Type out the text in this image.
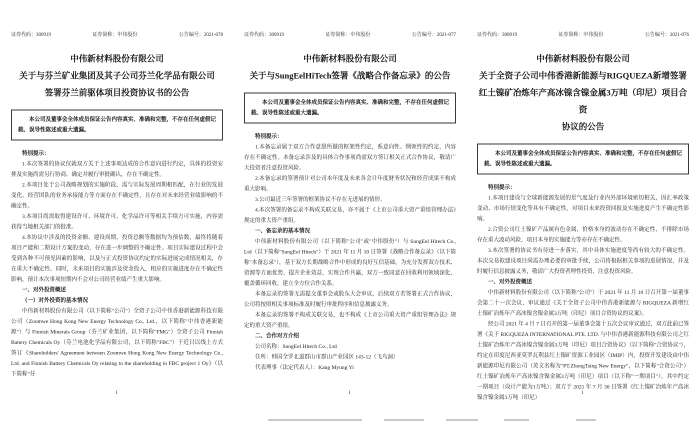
证券代码：300919	证券简称：中伟股份	公告编号：2021-078
中伟新材料股份有限公司
关于与芬兰矿业集团及其子公司芬兰化学品有限公司
签署芬兰前驱体项目投资协议书的公告
本公司及董事会全体成员保证公告内容真实、准确和完整，不存在任何虚假记载、误导性陈述或重大遗漏。

特别提示：

1.本次签署的协议仅就双方关于上述事项达成的合作意向进行约定，具体的投资安排及实施尚需另行协商、确定并履行审批确认，存在不确定性。

2.本项目处于公司战略规划的实施阶段，需与实际发展周期相匹配，在行业的发展变化、经营团队的业务承接能力等方面存在不确定性，且存在对未来经营业绩影响的不确定性。

3.本项目尚需取得建设许可、环境许可、化学品许可等相关手续方可实施，内容需获得当地相关部门的批准。

4.本协议中涉及的投资金额、建设周期、投资总额等数据均为预估数，最终将随着项目产能和二期设计方案的变动，存在进一步调整的不确定性。项目实际建设过程中会受到各种不可预见因素的影响，以及与正式投资协议约定的实际进展完成情况相关，存在重大不确定性。同时，未来项目的实施涉及资金投入，相应的实施进度存在不确定性影响，预计本次事项短期内不会对公司经营业绩产生重大影响。

一、对外投资概述

（一）对外投资的基本情况

中伟新材料股份有限公司（以下简称"公司"）全资子公司中伟香港新能源科技有限公司（Zoomwe Hong Kong New Energy Technology Co., Ltd.，以下简称"中伟香港新能源"）与 Finnish Minerals Group（芬兰矿业集团，以下简称"FMG"）全资子公司 Finnish Battery Chemicals Oy（芬兰电池化学品有限公司，以下简称"FBC"）于近日以线上方式签订《Shareholders' Agreement between Zoomwe Hong Kong New Energy Technology Co., Ltd. and Finnish Battery Chemicals Oy relating to the shareholding in FBC project 1 Oy》（以下简称"芬

1
证券代码：300919	证券简称：中伟股份	公告编号：2021-077
中伟新材料股份有限公司
关于与SungEelHiTech签署《战略合作备忘录》的公告
本公司及董事会全体成员保证公告内容真实、准确和完整，不存在任何虚假记载、误导性陈述或重大遗漏。

特别提示：

1.本备忘录属于双方合作意愿所做的框架性约定，系意向性、纲领性的约定，内容存在不确定性。本备忘录涉及的具体合作事项尚需双方签订相关正式合作协议，敬请广大投资者注意投资风险。

2.本备忘录的签署预计对公司本年度及未来各会计年度财务状况和经营成果不构成重大影响。

3.公司最近三年签署的框架协议不存在无进展的情形。

4.本次签署的备忘录不构成关联交易，亦不属于《上市公司重大资产重组管理办法》规定的重大资产重组。

一、备忘录的基本情况

中伟新材料股份有限公司（以下简称"公司"或"中伟股份"）与 SungEel Hitech Co., Ltd（以下简称"SungEel Hitech"）于 2021 年 11 月 10 日签署《战略合作备忘录》（以下简称"本备忘录"），基于双方长期战略合作中形成的良好互信基础，为充分发挥双方技术、资源等方面优势，提升企业效益，实现合作共赢，双方一致同意在回收利用领域深化、覆盖循环回收，建立全方位合作关系。

本备忘录的签署无需提交董事会或股东大会审议，后续双方若签署正式合作协议，公司将按照相关事项标准及时履行审批程序和信息披露义务。

本备忘录的签署不构成关联交易，也不构成《上市公司重大资产重组管理办法》规定的重大资产重组。

二、合作对方介绍

公司名称：SungEel Hitech Co., Ltd

住所：韩国全罗北道群山市群山产业园区 143-12（飞鸟洞）

代表理事（法定代表人）：Kang Myung Yi

1
证券代码：300919	证券简称：中伟股份	公告编号：2021-076
中伟新材料股份有限公司
关于全资子公司中伟香港新能源与RIGQUEZA新增签署
红土镍矿冶炼年产高冰镍含镍金属3万吨（印尼）项目合资
协议的公告
本公司及董事会全体成员保证公告内容真实、准确和完整，不存在任何虚假记载、误导性陈述或重大遗漏。

特别提示：

1.本项目建设与全球新能源发展的景气度及行业内外部环境密切相关，因汇率政策变动、市场行情变化等具有不确定性，对项目未来投资回报及实施进度产生不确定性影响。

2.合资公司红土镍矿产品属有色金属，价格本身的波动存在不确定性，不排除市场存在重大波动风险，项目本身的实施能力等亦存在不确定性。

3.本次签署的协议书有待进一步落实，其中具体实施进度等尚有较大的不确定性。本次交易拟建设项目尚需办理必要的审批手续，公司将根据相关事项的进展情况，并及时履行信息披露义务，敬请广大投资者理性投资，注意投资风险。

一、对外投资概述

中伟新材料股份有限公司（以下简称"公司"）于 2021 年 11 月 10 日召开第一届董事会第二十一次会议，审议通过《关于全资子公司中伟香港新能源与 RIGQUEZA 新增红土镍矿冶炼年产高冰镍含镍金属3万吨（印尼）项目合资协议的议案》。

经公司 2021 年 4 月 7 日召开的第一届董事会第十五次会议审议通过，双方此前已签署《关于 RIGQUEZA INTERNATIONAL PTE. LTD. 与中伟香港新能源科技有限公司之红土镍矿冶炼年产高冰镍含镍金属3万吨（印尼）项目合资协议》（以下简称"合资协议"），约定在印度尼西亚莫罗瓦利县红土镍矿资源工业园区（IMIP）内，投资开发建设由中伟新能源印尼有限公司（英文名称为"PT.ZhongTsing New Energy"，以下简称"合资公司"）红土镍矿冶炼年产高冰镍含镍金属3万吨（印尼）项目（以下称"一期项目"），其中约定一期项目（设计产能为1万吨）；双方于 2021 年 7 月 30 日签署《红土镍矿冶炼年产高冰镍含镍金属3万吨（印尼）

1
